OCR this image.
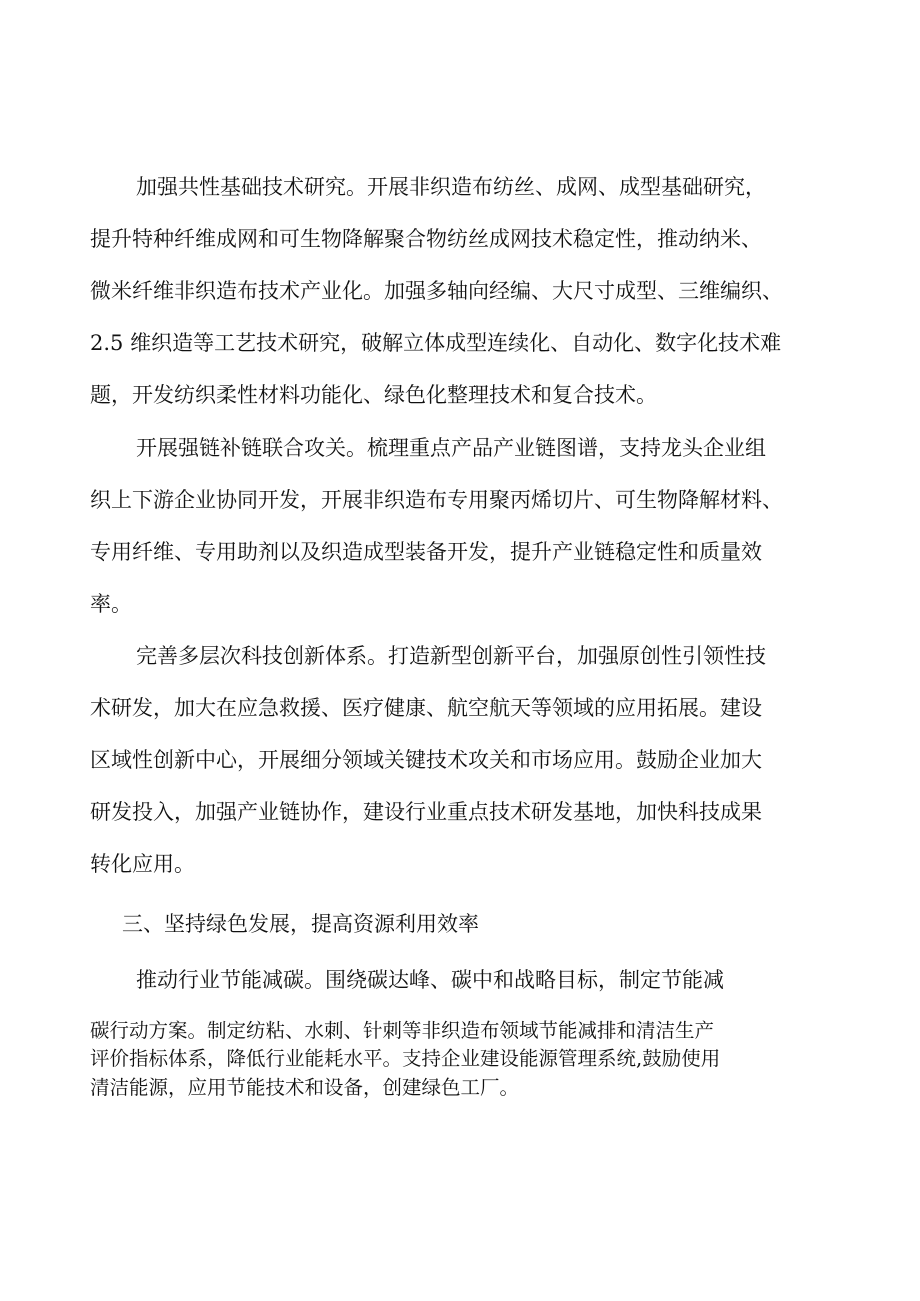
加强共性基础技术研究。开展非织造布纺丝、成网、成型基础研究，
提升特种纤维成网和可生物降解聚合物纺丝成网技术稳定性，推动纳米、
微米纤维非织造布技术产业化。加强多轴向经编、大尺寸成型、三维编织、
2.5 维织造等工艺技术研究，破解立体成型连续化、自动化、数字化技术难
题，开发纺织柔性材料功能化、绿色化整理技术和复合技术。
开展强链补链联合攻关。梳理重点产品产业链图谱，支持龙头企业组
织上下游企业协同开发，开展非织造布专用聚丙烯切片、可生物降解材料、
专用纤维、专用助剂以及织造成型装备开发，提升产业链稳定性和质量效
率。
完善多层次科技创新体系。打造新型创新平台，加强原创性引领性技
术研发，加大在应急救援、医疗健康、航空航天等领域的应用拓展。建设
区域性创新中心，开展细分领域关键技术攻关和市场应用。鼓励企业加大
研发投入，加强产业链协作，建设行业重点技术研发基地，加快科技成果
转化应用。
三、坚持绿色发展，提高资源利用效率
推动行业节能减碳。围绕碳达峰、碳中和战略目标，制定节能减
碳行动方案。制定纺粘、水刺、针刺等非织造布领域节能减排和清洁生产
评价指标体系，降低行业能耗水平。支持企业建设能源管理系统,鼓励使用
清洁能源，应用节能技术和设备，创建绿色工厂。
